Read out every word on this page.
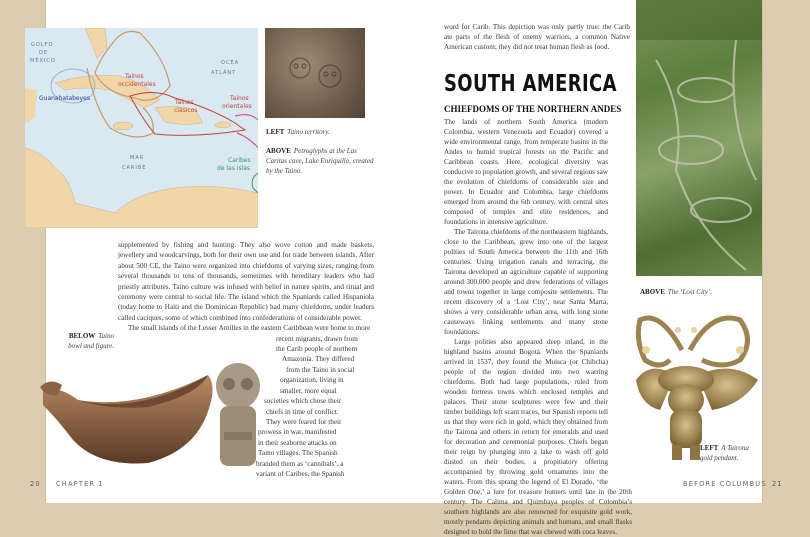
GOLFO
DE
MÉXICO	OCÉA
ATLÁNT
MAR
CARIBE
Guanahatabeyes
Taínos
occidentales
Taínos
clásicos
Taínos
orientales
Caribes
de las islas
LEFT Taino territory.
ABOVE Petroglyphs at the Las Caritas cave, Lake Enriquillo, created by the Taino.

supplemented by fishing and hunting. They also wove cotton and made baskets, jewellery and woodcarvings, both for their own use and for trade between islands. After about 500 CE, the Taino were organized into chiefdoms of varying sizes, ranging from several thousands to tens of thousands, sometimes with hereditary leaders who had priestly attributes. Taino culture was infused with belief in nature spirits, and ritual and ceremony were central to social life. The island which the Spaniards called Hispaniola (today home to Haiti and the Dominican Republic) had many chiefdoms, under leaders called caciques, some of which combined into confederations of considerable power.

The small islands of the Lesser Antilles in the eastern Caribbean were home to more

recent migrants, drawn from
the Carib people of northern
Amazonia. They differed
from the Taino in social
organization, living in
smaller, more equal
societies which chose their
chiefs in time of conflict.
They were feared for their
prowess in war, manifested
in their seaborne attacks on
Taino villages. The Spanish
branded them as ‘cannibals’, a
variant of Caribes, the Spanish
BELOW Taino bowl and figure.
word for Carib. This depiction was only partly true: the Carib ate parts of the flesh of enemy warriors, a common Native American custom; they did not treat human flesh as food.
SOUTH AMERICA
CHIEFDOMS OF THE NORTHERN ANDES

The lands of northern South America (modern Colombia, western Venezuela and Ecuador) covered a wide environmental range, from temperate basins in the Andes to humid tropical forests on the Pacific and Caribbean coasts. Here, ecological diversity was conducive to population growth, and several regions saw the evolution of chiefdoms of considerable size and power. In Ecuador and Colombia, large chiefdoms emerged from around the 6th century, with central sites composed of temples and elite residences, and foundations in intensive agriculture.

The Tairona chiefdoms of the northeastern highlands, close to the Caribbean, grew into one of the largest polities of South America between the 11th and 16th centuries. Using irrigation canals and terracing, the Tairona developed an agriculture capable of supporting around 300,000 people and drew federations of villages and towns together in large composite settlements. The recent discovery of a ‘Lost City’, near Santa Marta, shows a very considerable urban area, with long stone causeways linking settlements and many stone foundations.

Large polities also appeared deep inland, in the highland basins around Bogotá. When the Spaniards arrived in 1537, they found the Muisca (or Chibcha) people of the region divided into two warring chiefdoms. Both had large populations, ruled from wooden fortress towns which enclosed temples and palaces. Their stone sculptures were few and their timber buildings left scant traces, but Spanish reports tell us that they were rich in gold, which they obtained from the Tairona and others in return for emeralds and used for decoration and ceremonial purposes. Chiefs began their reign by plunging into a lake to wash off gold dusted on their bodies, a propitiatory offering accompanied by throwing gold ornaments into the waters. From this sprang the legend of El Dorado, ‘the Golden One,’ a lure for treasure hunters until late in the 20th century. The Calima and Quimbaya peoples of Colombia’s southern highlands are also renowned for exquisite gold work, mostly pendants depicting animals and humans, and small flasks designed to hold the lime that was chewed with coca leaves.

ABOVE The ‘Lost City’.
LEFT A Tairona gold pendant.
20 CHAPTER 1	BEFORE COLUMBUS 21
